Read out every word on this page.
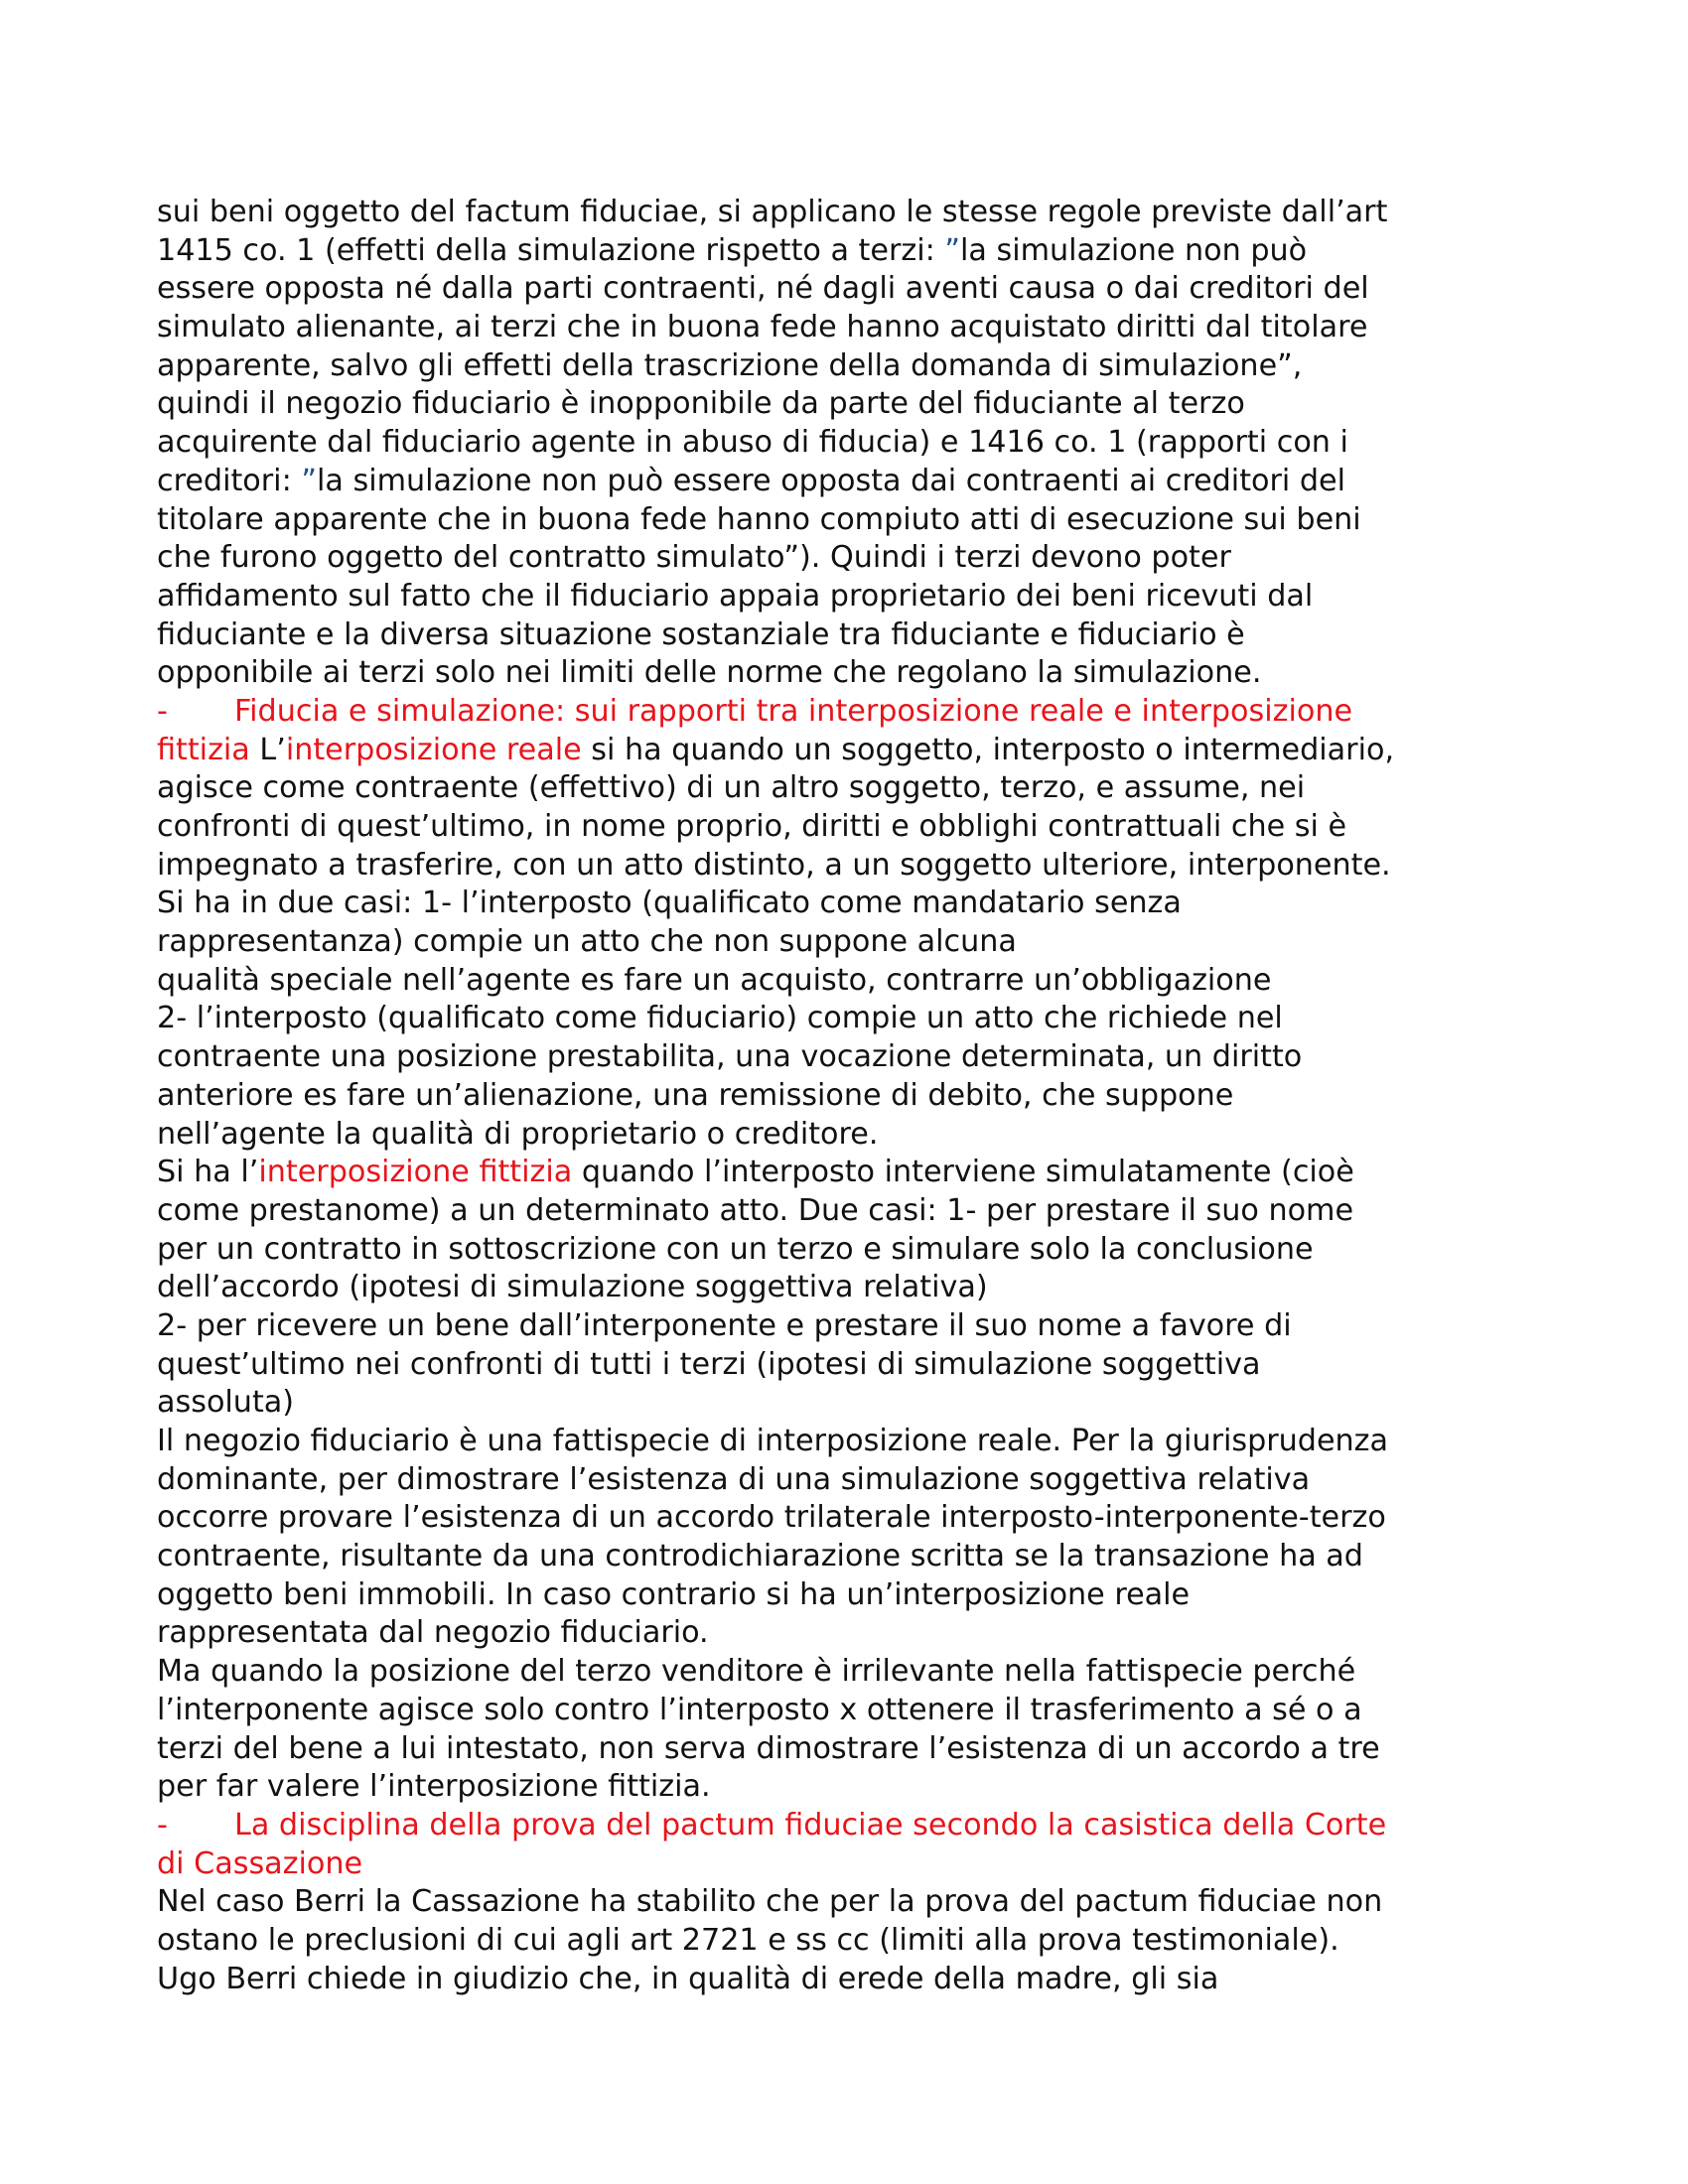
sui beni oggetto del factum fiduciae, si applicano le stesse regole previste dall’art
1415 co. 1 (effetti della simulazione rispetto a terzi: ”la simulazione non può
essere opposta né dalla parti contraenti, né dagli aventi causa o dai creditori del
simulato alienante, ai terzi che in buona fede hanno acquistato diritti dal titolare
apparente, salvo gli effetti della trascrizione della domanda di simulazione”,
quindi il negozio fiduciario è inopponibile da parte del fiduciante al terzo
acquirente dal fiduciario agente in abuso di fiducia) e 1416 co. 1 (rapporti con i
creditori: ”la simulazione non può essere opposta dai contraenti ai creditori del
titolare apparente che in buona fede hanno compiuto atti di esecuzione sui beni
che furono oggetto del contratto simulato”). Quindi i terzi devono poter
affidamento sul fatto che il fiduciario appaia proprietario dei beni ricevuti dal
fiduciante e la diversa situazione sostanziale tra fiduciante e fiduciario è
opponibile ai terzi solo nei limiti delle norme che regolano la simulazione.
- Fiducia e simulazione: sui rapporti tra interposizione reale e interposizione
fittizia L’interposizione reale si ha quando un soggetto, interposto o intermediario,
agisce come contraente (effettivo) di un altro soggetto, terzo, e assume, nei
confronti di quest’ultimo, in nome proprio, diritti e obblighi contrattuali che si è
impegnato a trasferire, con un atto distinto, a un soggetto ulteriore, interponente.
Si ha in due casi: 1- l’interposto (qualificato come mandatario senza
rappresentanza) compie un atto che non suppone alcuna
qualità speciale nell’agente es fare un acquisto, contrarre un’obbligazione
2- l’interposto (qualificato come fiduciario) compie un atto che richiede nel
contraente una posizione prestabilita, una vocazione determinata, un diritto
anteriore es fare un’alienazione, una remissione di debito, che suppone
nell’agente la qualità di proprietario o creditore.
Si ha l’interposizione fittizia quando l’interposto interviene simulatamente (cioè
come prestanome) a un determinato atto. Due casi: 1- per prestare il suo nome
per un contratto in sottoscrizione con un terzo e simulare solo la conclusione
dell’accordo (ipotesi di simulazione soggettiva relativa)
2- per ricevere un bene dall’interponente e prestare il suo nome a favore di
quest’ultimo nei confronti di tutti i terzi (ipotesi di simulazione soggettiva
assoluta)
Il negozio fiduciario è una fattispecie di interposizione reale. Per la giurisprudenza
dominante, per dimostrare l’esistenza di una simulazione soggettiva relativa
occorre provare l’esistenza di un accordo trilaterale interposto-interponente-terzo
contraente, risultante da una controdichiarazione scritta se la transazione ha ad
oggetto beni immobili. In caso contrario si ha un’interposizione reale
rappresentata dal negozio fiduciario.
Ma quando la posizione del terzo venditore è irrilevante nella fattispecie perché
l’interponente agisce solo contro l’interposto x ottenere il trasferimento a sé o a
terzi del bene a lui intestato, non serva dimostrare l’esistenza di un accordo a tre
per far valere l’interposizione fittizia.
- La disciplina della prova del pactum fiduciae secondo la casistica della Corte
di Cassazione
Nel caso Berri la Cassazione ha stabilito che per la prova del pactum fiduciae non
ostano le preclusioni di cui agli art 2721 e ss cc (limiti alla prova testimoniale).
Ugo Berri chiede in giudizio che, in qualità di erede della madre, gli sia
